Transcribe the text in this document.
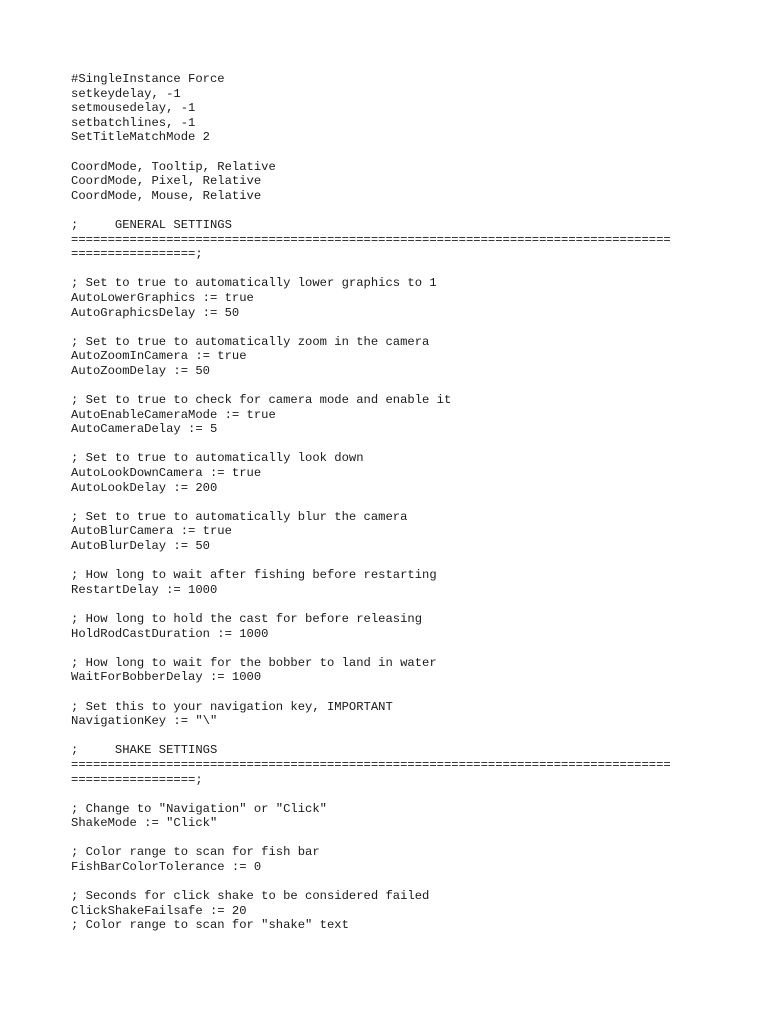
#SingleInstance Force
setkeydelay, -1
setmousedelay, -1
setbatchlines, -1
SetTitleMatchMode 2
CoordMode, Tooltip, Relative
CoordMode, Pixel, Relative
CoordMode, Mouse, Relative
;     GENERAL SETTINGS
==================================================================================
=================;
; Set to true to automatically lower graphics to 1
AutoLowerGraphics := true
AutoGraphicsDelay := 50
; Set to true to automatically zoom in the camera
AutoZoomInCamera := true
AutoZoomDelay := 50
; Set to true to check for camera mode and enable it
AutoEnableCameraMode := true
AutoCameraDelay := 5
; Set to true to automatically look down
AutoLookDownCamera := true
AutoLookDelay := 200
; Set to true to automatically blur the camera
AutoBlurCamera := true
AutoBlurDelay := 50
; How long to wait after fishing before restarting
RestartDelay := 1000
; How long to hold the cast for before releasing
HoldRodCastDuration := 1000
; How long to wait for the bobber to land in water
WaitForBobberDelay := 1000
; Set this to your navigation key, IMPORTANT
NavigationKey := "\"
;     SHAKE SETTINGS
==================================================================================
=================;
; Change to "Navigation" or "Click"
ShakeMode := "Click"
; Color range to scan for fish bar
FishBarColorTolerance := 0
; Seconds for click shake to be considered failed
ClickShakeFailsafe := 20
; Color range to scan for "shake" text
